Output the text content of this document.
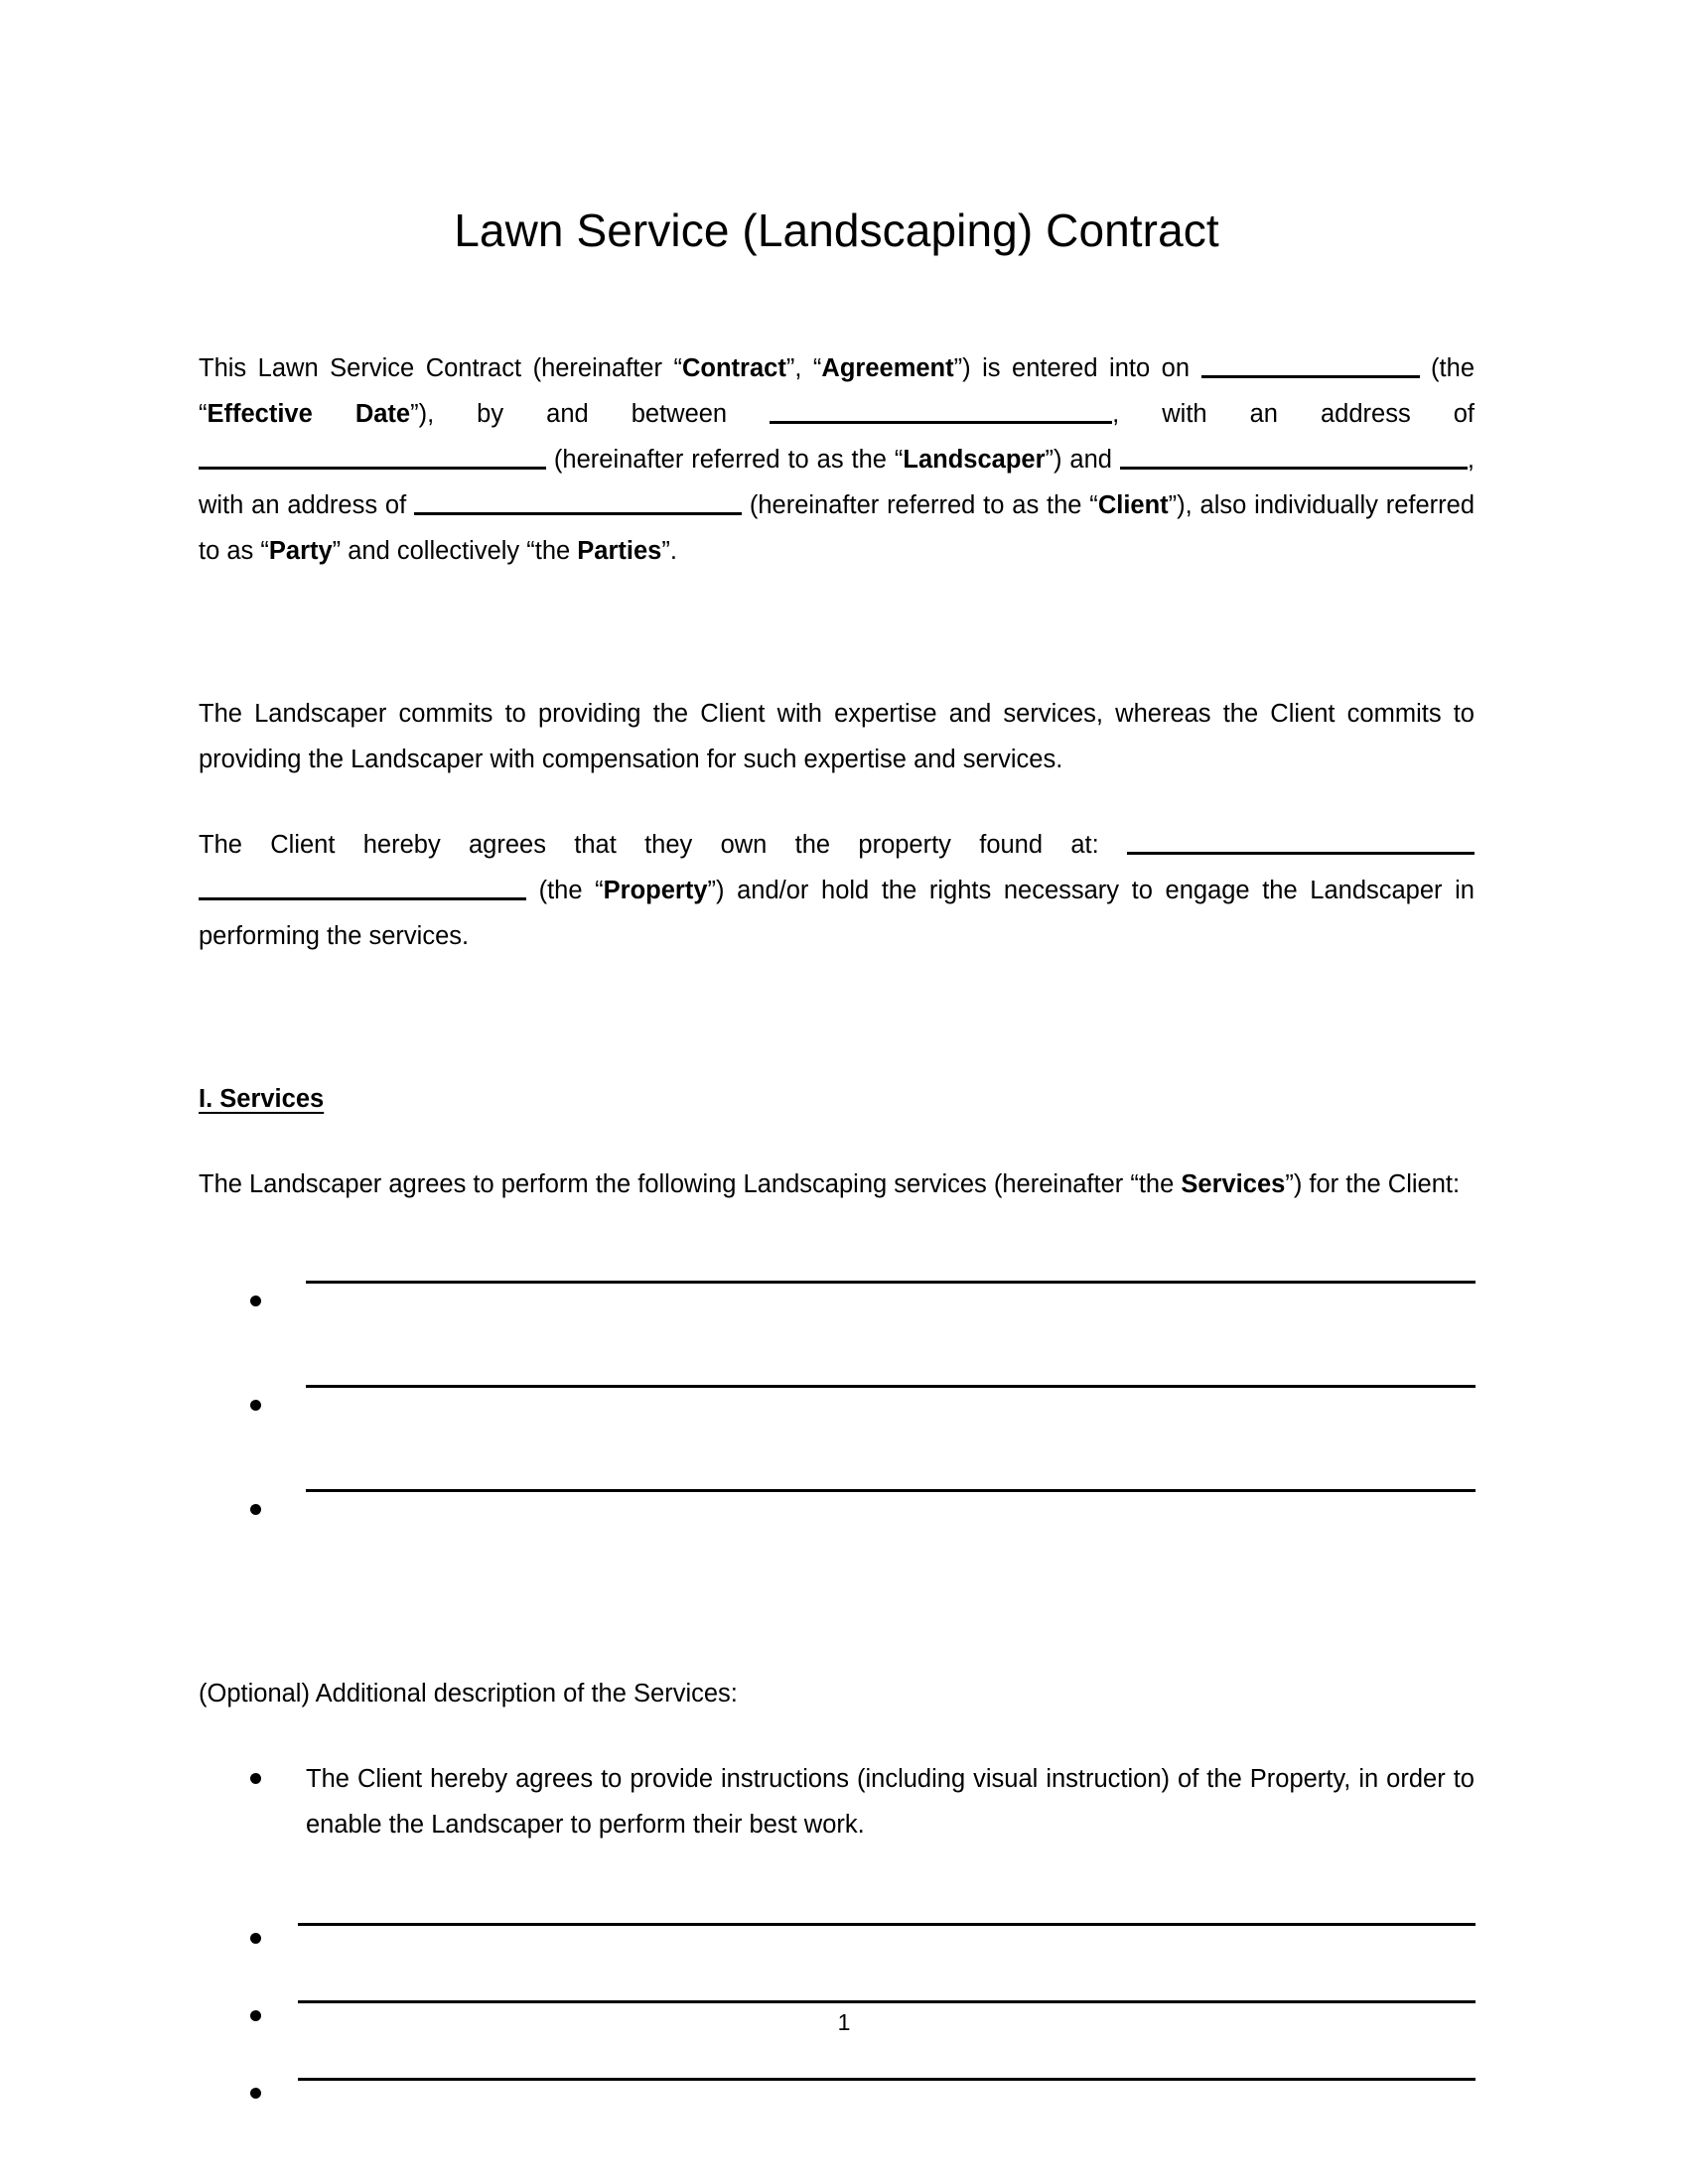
Lawn Service (Landscaping) Contract

This Lawn Service Contract (hereinafter “Contract”, “Agreement”) is entered into on	(the “Effective Date”), by and between	, with an address of  (hereinafter referred to as the “Landscaper”) and	, with an address of	(hereinafter referred to as the “Client”), also individually referred to as “Party” and collectively “the Parties”.

The Landscaper commits to providing the Client with expertise and services, whereas the Client commits to providing the Landscaper with compensation for such expertise and services.

The Client hereby agrees that they own the property found at:  (the “Property”) and/or hold the rights necessary to engage the Landscaper in performing the services.

I. Services

The Landscaper agrees to perform the following Landscaping services (hereinafter “the Services”) for the Client:

(Optional) Additional description of the Services:

The Client hereby agrees to provide instructions (including visual instruction) of the Property, in order to enable the Landscaper to perform their best work.
1
